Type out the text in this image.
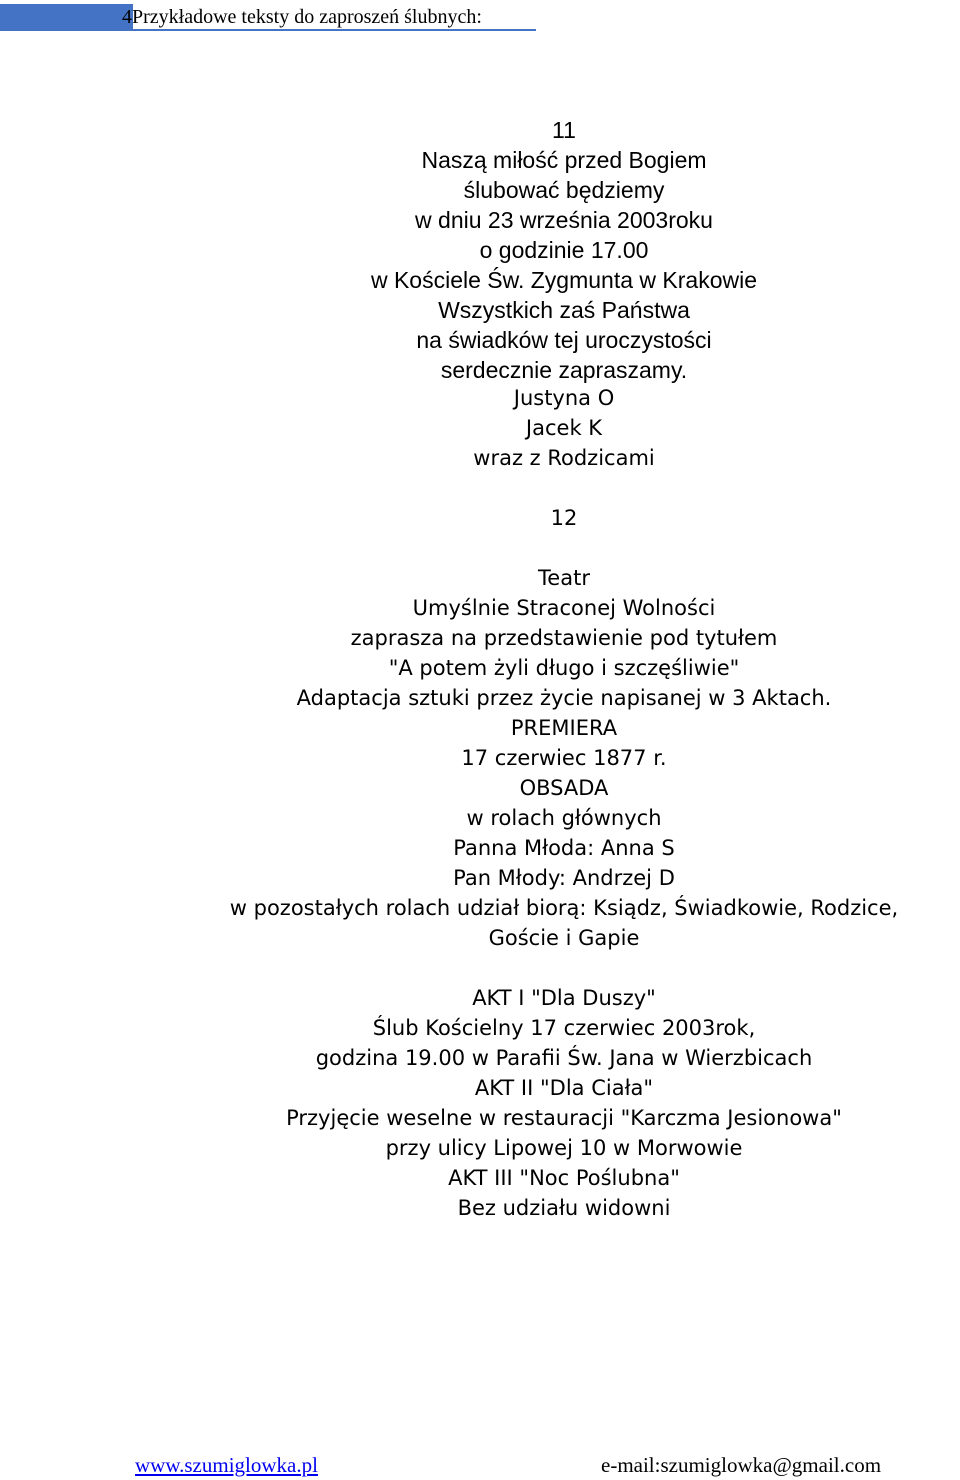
4Przykładowe teksty do zaproszeń ślubnych:
11
Naszą miłość przed Bogiem
ślubować będziemy
w dniu 23 września 2003roku
o godzinie 17.00
w Kościele Św. Zygmunta w Krakowie
Wszystkich zaś Państwa
na świadków tej uroczystości
serdecznie zapraszamy.
Justyna O
Jacek K
wraz z Rodzicami
12
Teatr
Umyślnie Straconej Wolności
zaprasza na przedstawienie pod tytułem
"A potem żyli długo i szczęśliwie"
Adaptacja sztuki przez życie napisanej w 3 Aktach.
PREMIERA
17 czerwiec 1877 r.
OBSADA
w rolach głównych
Panna Młoda: Anna S
Pan Młody: Andrzej D
w pozostałych rolach udział biorą: Ksiądz, Świadkowie, Rodzice,
Goście i Gapie
AKT I "Dla Duszy"
Ślub Kościelny 17 czerwiec 2003rok,
godzina 19.00 w Parafii Św. Jana w Wierzbicach
AKT II "Dla Ciała"
Przyjęcie weselne w restauracji "Karczma Jesionowa"
przy ulicy Lipowej 10 w Morwowie
AKT III "Noc Poślubna"
Bez udziału widowni
www.szumiglowka.pl	e-mail:szumiglowka@gmail.com
